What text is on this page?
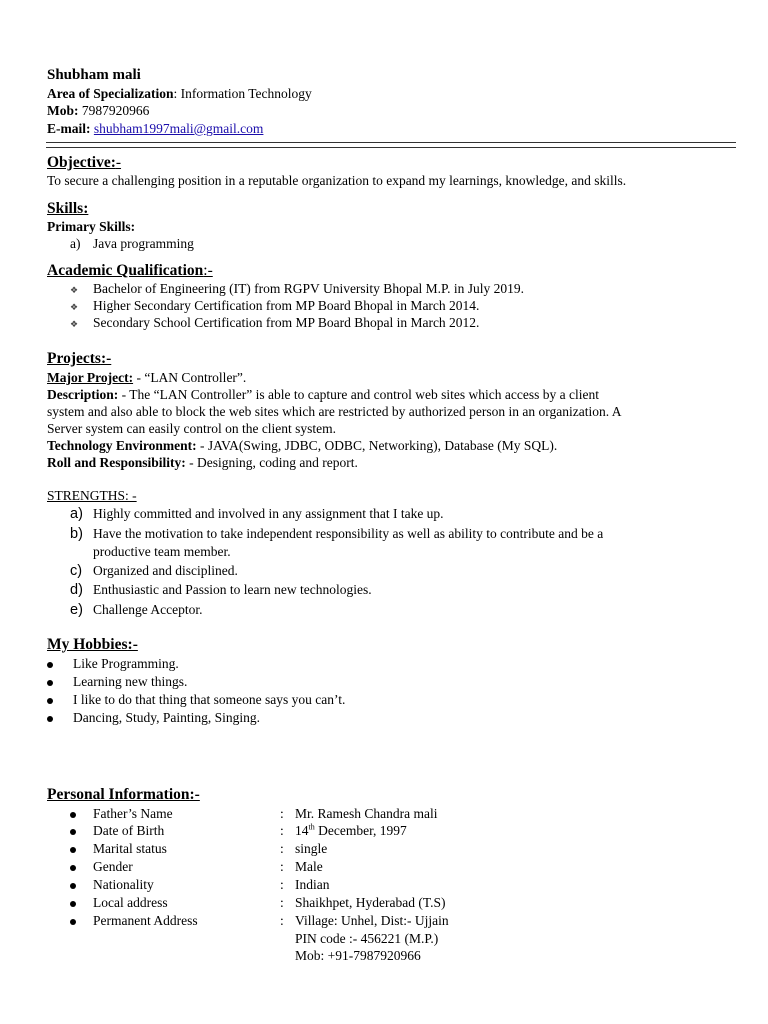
Shubham mali
Area of Specialization: Information Technology
Mob: 7987920966
E-mail: shubham1997mali@gmail.com
Objective:-
To secure a challenging position in a reputable organization to expand my learnings, knowledge, and skills.
Skills:
Primary Skills:
a) Java programming
Academic Qualification:-
❖ Bachelor of Engineering (IT) from RGPV University Bhopal M.P. in July 2019.
❖ Higher Secondary Certification from MP Board Bhopal in March 2014.
❖ Secondary School Certification from MP Board Bhopal in March 2012.
Projects:-
Major Project: - “LAN Controller”.
Description: - The “LAN Controller” is able to capture and control web sites which access by a client
system and also able to block the web sites which are restricted by authorized person in an organization. A
Server system can easily control on the client system.
Technology Environment: - JAVA(Swing, JDBC, ODBC, Networking), Database (My SQL).
Roll and Responsibility: - Designing, coding and report.
STRENGTHS: -
a) Highly committed and involved in any assignment that I take up.
b) Have the motivation to take independent responsibility as well as ability to contribute and be a
productive team member.
c) Organized and disciplined.
d) Enthusiastic and Passion to learn new technologies.
e) Challenge Acceptor.
My Hobbies:-
Like Programming.
Learning new things.
I like to do that thing that someone says you can’t.
Dancing, Study, Painting, Singing.
Personal Information:-
Father’s Name	: Mr. Ramesh Chandra mali
Date of Birth	: 14th December, 1997
Marital status	: single
Gender	: Male
Nationality	: Indian
Local address	: Shaikhpet, Hyderabad (T.S)
Permanent Address	: Village: Unhel, Dist:- Ujjain
PIN code :- 456221 (M.P.)
Mob: +91-7987920966
